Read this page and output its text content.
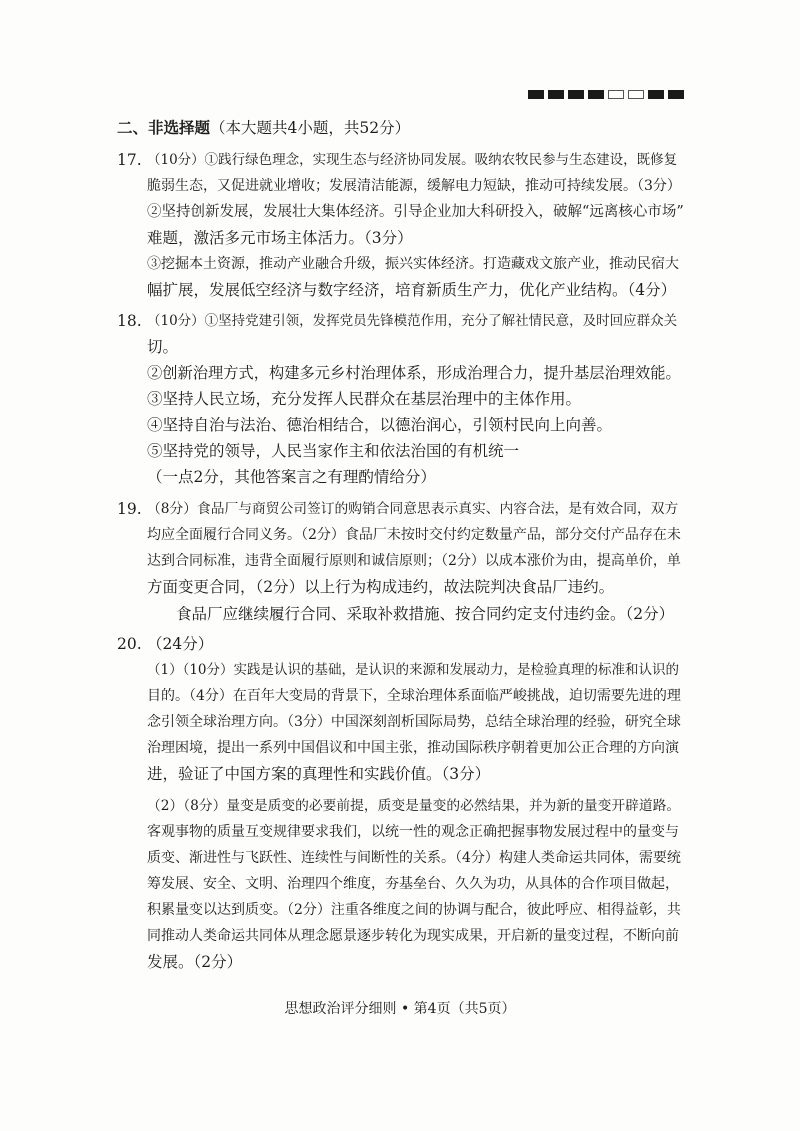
二、非选择题（本大题共4小题，共52分）
17. （10分）①践行绿色理念，实现生态与经济协同发展。吸纳农牧民参与生态建设，既修复
脆弱生态，又促进就业增收；发展清洁能源，缓解电力短缺，推动可持续发展。（3分）
②坚持创新发展，发展壮大集体经济。引导企业加大科研投入，破解“远离核心市场”
难题，激活多元市场主体活力。（3分）
③挖掘本土资源，推动产业融合升级，振兴实体经济。打造藏戏文旅产业，推动民宿大
幅扩展，发展低空经济与数字经济，培育新质生产力，优化产业结构。（4分）
18. （10分）①坚持党建引领，发挥党员先锋模范作用，充分了解社情民意，及时回应群众关
切。
②创新治理方式，构建多元乡村治理体系，形成治理合力，提升基层治理效能。
③坚持人民立场，充分发挥人民群众在基层治理中的主体作用。
④坚持自治与法治、德治相结合，以德治润心，引领村民向上向善。
⑤坚持党的领导，人民当家作主和依法治国的有机统一
（一点2分，其他答案言之有理酌情给分）
19. （8分）食品厂与商贸公司签订的购销合同意思表示真实、内容合法，是有效合同，双方
均应全面履行合同义务。（2分）食品厂未按时交付约定数量产品，部分交付产品存在未
达到合同标准，违背全面履行原则和诚信原则；（2分）以成本涨价为由，提高单价，单
方面变更合同，（2分）以上行为构成违约，故法院判决食品厂违约。
食品厂应继续履行合同、采取补救措施、按合同约定支付违约金。（2分）
20. （24分）
（1）（10分）实践是认识的基础，是认识的来源和发展动力，是检验真理的标准和认识的
目的。（4分）在百年大变局的背景下，全球治理体系面临严峻挑战，迫切需要先进的理
念引领全球治理方向。（3分）中国深刻剖析国际局势，总结全球治理的经验，研究全球
治理困境，提出一系列中国倡议和中国主张，推动国际秩序朝着更加公正合理的方向演
进，验证了中国方案的真理性和实践价值。（3分）
（2）（8分）量变是质变的必要前提，质变是量变的必然结果，并为新的量变开辟道路。
客观事物的质量互变规律要求我们，以统一性的观念正确把握事物发展过程中的量变与
质变、渐进性与飞跃性、连续性与间断性的关系。（4分）构建人类命运共同体，需要统
筹发展、安全、文明、治理四个维度，夯基垒台、久久为功，从具体的合作项目做起，
积累量变以达到质变。（2分）注重各维度之间的协调与配合，彼此呼应、相得益彰，共
同推动人类命运共同体从理念愿景逐步转化为现实成果，开启新的量变过程，不断向前
发展。（2分）
思想政治评分细则 • 第4页（共5页）
